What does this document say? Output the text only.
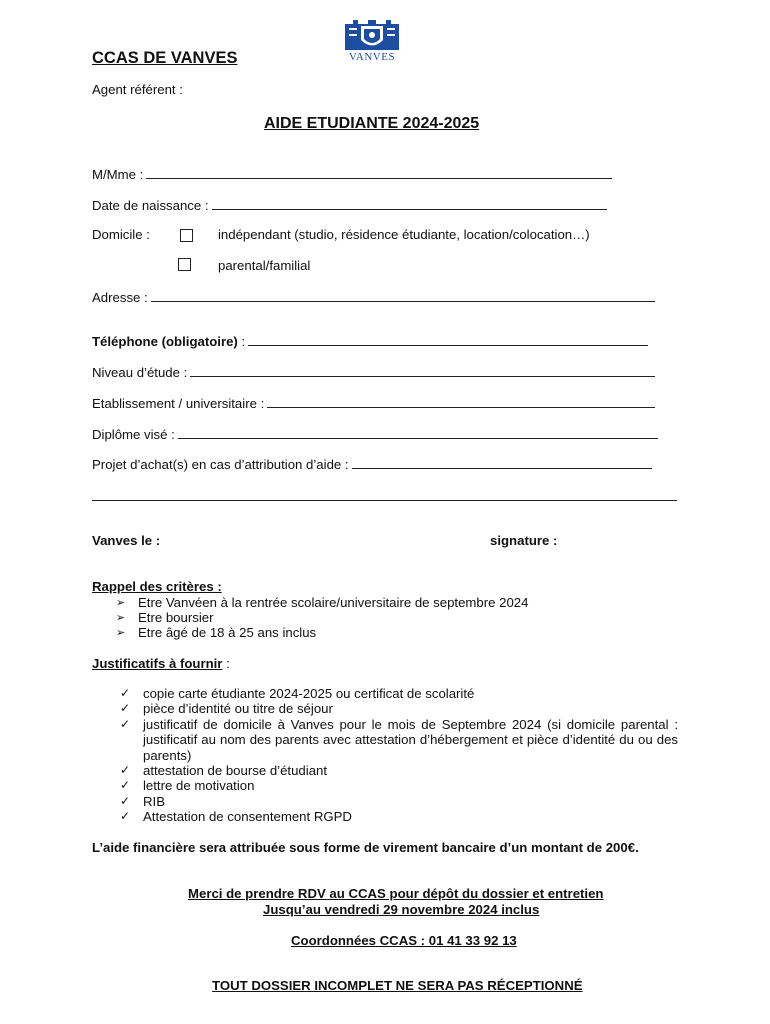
CCAS DE VANVES	VANVES
Agent référent :
AIDE ETUDIANTE 2024-2025
M/Mme :
Date de naissance :
Domicile :	indépendant (studio, résidence étudiante, location/colocation…)
parental/familial
Adresse :
Téléphone (obligatoire) :
Niveau d’étude :
Etablissement / universitaire :
Diplôme visé :
Projet d’achat(s) en cas d’attribution d’aide :
Vanves le :	signature :
Rappel des critères :
➢ Etre Vanvéen à la rentrée scolaire/universitaire de septembre 2024
➢ Etre boursier
➢ Etre âgé de 18 à 25 ans inclus
Justificatifs à fournir :
✓ copie carte étudiante 2024-2025 ou certificat de scolarité
✓ pièce d’identité ou titre de séjour
✓ justificatif de domicile à Vanves pour le mois de Septembre 2024 (si domicile parental : justificatif au nom des parents avec attestation d’hébergement et pièce d’identité du ou des parents)
✓ attestation de bourse d’étudiant
✓ lettre de motivation
✓ RIB
✓ Attestation de consentement RGPD
L’aide financière sera attribuée sous forme de virement bancaire d’un montant de 200€.
Merci de prendre RDV au CCAS pour dépôt du dossier et entretien
Jusqu’au vendredi 29 novembre 2024 inclus
Coordonnées CCAS : 01 41 33 92 13
TOUT DOSSIER INCOMPLET NE SERA PAS RÉCEPTIONNÉ
